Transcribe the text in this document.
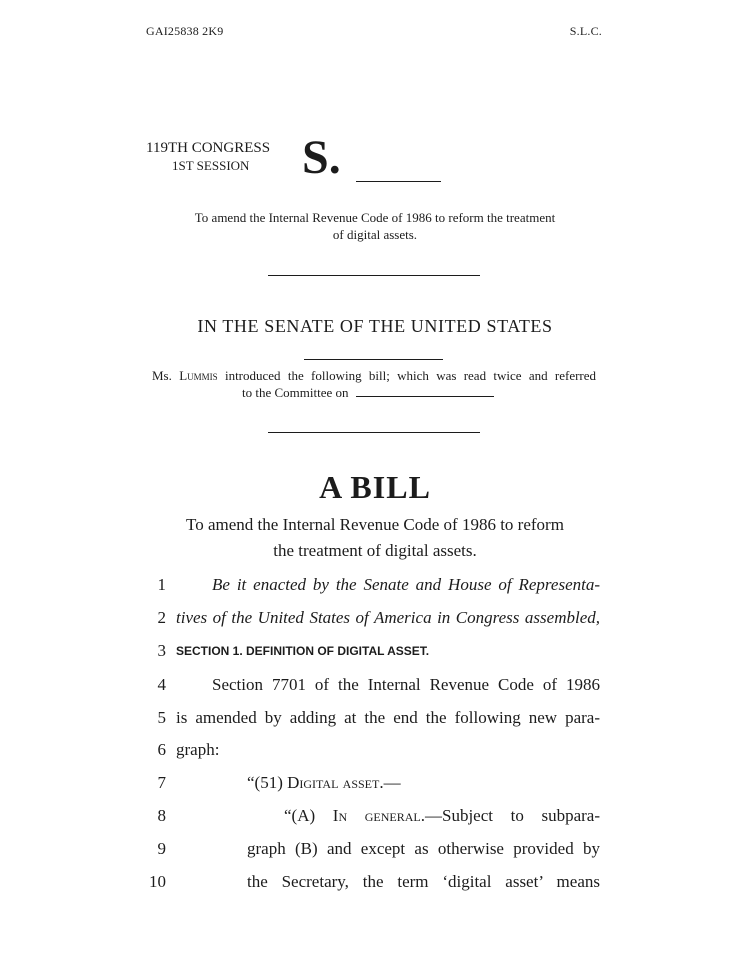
GAI25838 2K9	S.L.C.
119TH CONGRESS
1ST SESSION S.
To amend the Internal Revenue Code of 1986 to reform the treatment
of digital assets.
IN THE SENATE OF THE UNITED STATES
Ms. Lummis introduced the following bill; which was read twice and referred
to the Committee on
A BILL
To amend the Internal Revenue Code of 1986 to reform
the treatment of digital assets.
1	Be it enacted by the Senate and House of Representa-
2 tives of the United States of America in Congress assembled,
3 SECTION 1. DEFINITION OF DIGITAL ASSET.
4	Section 7701 of the Internal Revenue Code of 1986
5 is amended by adding at the end the following new para-
6 graph:
7	“(51) Digital asset.—
8	“(A) In general.—Subject to subpara-
9	graph (B) and except as otherwise provided by
10	the Secretary, the term ‘digital asset’ means
